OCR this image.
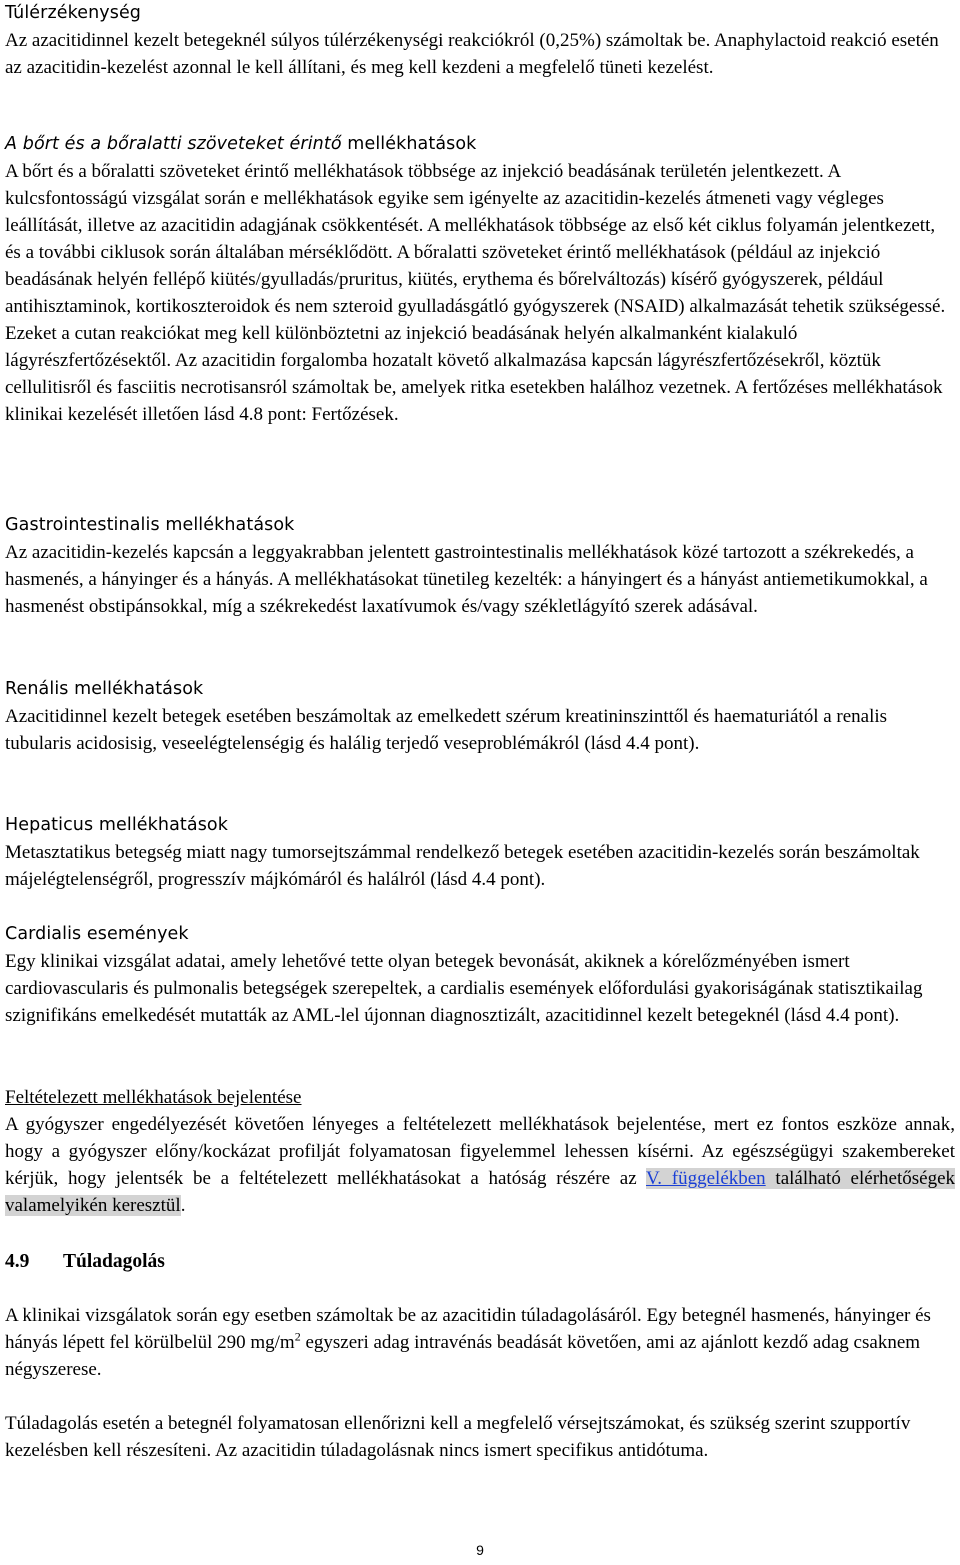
Túlérzékenység
Az azacitidinnel kezelt betegeknél súlyos túlérzékenységi reakciókról (0,25%) számoltak be. Anaphylactoid reakció esetén az azacitidin-kezelést azonnal le kell állítani, és meg kell kezdeni a megfelelő tüneti kezelést.
A bőrt és a bőralatti szöveteket érintő mellékhatások
A bőrt és a bőralatti szöveteket érintő mellékhatások többsége az injekció beadásának területén jelentkezett. A kulcsfontosságú vizsgálat során e mellékhatások egyike sem igényelte az azacitidin-kezelés átmeneti vagy végleges leállítását, illetve az azacitidin adagjának csökkentését. A mellékhatások többsége az első két ciklus folyamán jelentkezett, és a további ciklusok során általában mérséklődött. A bőralatti szöveteket érintő mellékhatások (például az injekció beadásának helyén fellépő kiütés/gyulladás/pruritus, kiütés, erythema és bőrelváltozás) kísérő gyógyszerek, például antihisztaminok, kortikoszteroidok és nem szteroid gyulladásgátló gyógyszerek (NSAID) alkalmazását tehetik szükségessé. Ezeket a cutan reakciókat meg kell különböztetni az injekció beadásának helyén alkalmanként kialakuló lágyrészfertőzésektől. Az azacitidin forgalomba hozatalt követő alkalmazása kapcsán lágyrészfertőzésekről, köztük cellulitisről és fasciitis necrotisansról számoltak be, amelyek ritka esetekben halálhoz vezetnek. A fertőzéses mellékhatások klinikai kezelését illetően lásd 4.8 pont: Fertőzések.
Gastrointestinalis mellékhatások
Az azacitidin-kezelés kapcsán a leggyakrabban jelentett gastrointestinalis mellékhatások közé tartozott a székrekedés, a hasmenés, a hányinger és a hányás. A mellékhatásokat tünetileg kezelték: a hányingert és a hányást antiemetikumokkal, a hasmenést obstipánsokkal, míg a székrekedést laxatívumok és/vagy székletlágyító szerek adásával.
Renális mellékhatások
Azacitidinnel kezelt betegek esetében beszámoltak az emelkedett szérum kreatininszinttől és haematuriától a renalis tubularis acidosisig, veseelégtelenségig és halálig terjedő veseproblémákról (lásd 4.4 pont).
Hepaticus mellékhatások
Metasztatikus betegség miatt nagy tumorsejtszámmal rendelkező betegek esetében azacitidin-kezelés során beszámoltak májelégtelenségről, progresszív májkómáról és halálról (lásd 4.4 pont).
Cardialis események
Egy klinikai vizsgálat adatai, amely lehetővé tette olyan betegek bevonását, akiknek a kórelőzményében ismert cardiovascularis és pulmonalis betegségek szerepeltek, a cardialis események előfordulási gyakoriságának statisztikailag szignifikáns emelkedését mutatták az AML-lel újonnan diagnosztizált, azacitidinnel kezelt betegeknél (lásd 4.4 pont).
Feltételezett mellékhatások bejelentése
A gyógyszer engedélyezését követően lényeges a feltételezett mellékhatások bejelentése, mert ez fontos eszköze annak, hogy a gyógyszer előny/kockázat profilját folyamatosan figyelemmel lehessen kísérni. Az egészségügyi szakembereket kérjük, hogy jelentsék be a feltételezett mellékhatásokat a hatóság részére az V. függelékben található elérhetőségek valamelyikén keresztül.
4.9 Túladagolás
A klinikai vizsgálatok során egy esetben számoltak be az azacitidin túladagolásáról. Egy betegnél hasmenés, hányinger és hányás lépett fel körülbelül 290 $mg/m^2$ egyszeri adag intravénás beadását követően, ami az ajánlott kezdő adag csaknem négyszerese.
Túladagolás esetén a betegnél folyamatosan ellenőrizni kell a megfelelő vérsejtszámokat, és szükség szerint szupportív kezelésben kell részesíteni. Az azacitidin túladagolásnak nincs ismert specifikus antidótuma.
9
